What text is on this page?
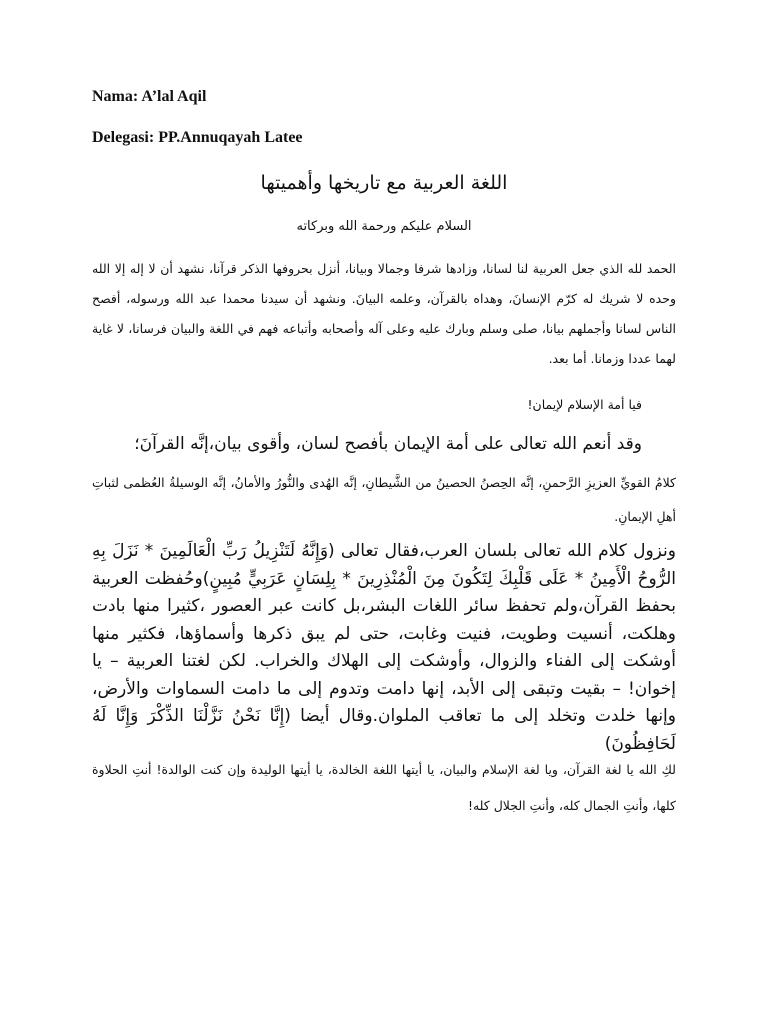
Nama: A’lal Aqil
Delegasi: PP.Annuqayah Latee
اللغة العربية مع تاريخها وأهميتها
السلام عليكم ورحمة الله وبركاته
الحمد لله الذي جعل العربية لنا لسانا، وزادها شرفا وجمالا وبيانا، أنزل بحروفها الذكر قرآنا، نشهد أن لا إله إلا الله وحده لا شريك له كرّم الإنسانَ، وهداه بالقرآن، وعلمه البيانَ. ونشهد أن سيدنا محمدا عبد الله ورسوله، أفصح الناس لسانا وأجملهم بيانا، صلى وسلم وبارك عليه وعلى آله وأصحابه وأتباعه فهم في اللغة والبيان فرسانا، لا غاية لهما عددا وزمانا. أما بعد.
فيا أمة الإسلام لإيمان!
وقد أنعم الله تعالى على أمة الإيمان بأفصح لسان، وأقوى بيان،إنَّه القرآنَ؛
كلامُ القويِّ العزيزِ الرَّحمنِ، إنَّه الحِصنُ الحصينُ من الشَّيطانِ، إنَّه الهُدى والنُّورُ والأمانُ، إنَّه الوسيلةُ العُظمى لثباتِ أهلِ الإيمانِ.
ونزول كلام الله تعالى بلسان العرب،فقال تعالى (وَإِنَّهُ لَتَنْزِيلُ رَبِّ الْعَالَمِينَ * نَزَلَ بِهِ الرُّوحُ الْأَمِينُ * عَلَى قَلْبِكَ لِتَكُونَ مِنَ الْمُنْذِرِينَ * بِلِسَانٍ عَرَبِيٍّ مُبِينٍ)وحُفظت العربية بحفظ القرآن،ولم تحفظ سائر اللغات البشر،بل كانت عبر العصور ،كثيرا منها بادت وهلكت، أنسيت وطويت، فنيت وغابت، حتى لم يبق ذكرها وأسماؤها، فكثير منها أوشكت إلى الفناء والزوال، وأوشكت إلى الهلاك والخراب. لكن لغتنا العربية – يا إخوان! – بقيت وتبقى إلى الأبد، إنها دامت وتدوم إلى ما دامت السماوات والأرض، وإنها خلدت وتخلد إلى ما تعاقب الملوان.وقال أيضا (إِنَّا نَحْنُ نَزَّلْنَا الذِّكْرَ وَإِنَّا لَهُ لَحَافِظُونَ)
لكِ الله يا لغة القرآن، ويا لغة الإسلام والبيان، يا أيتها اللغة الخالدة، يا أيتها الوليدة وإن كنت الوالدة! أنتِ الحلاوة كلها، وأنتِ الجمال كله، وأنتِ الجلال كله!
